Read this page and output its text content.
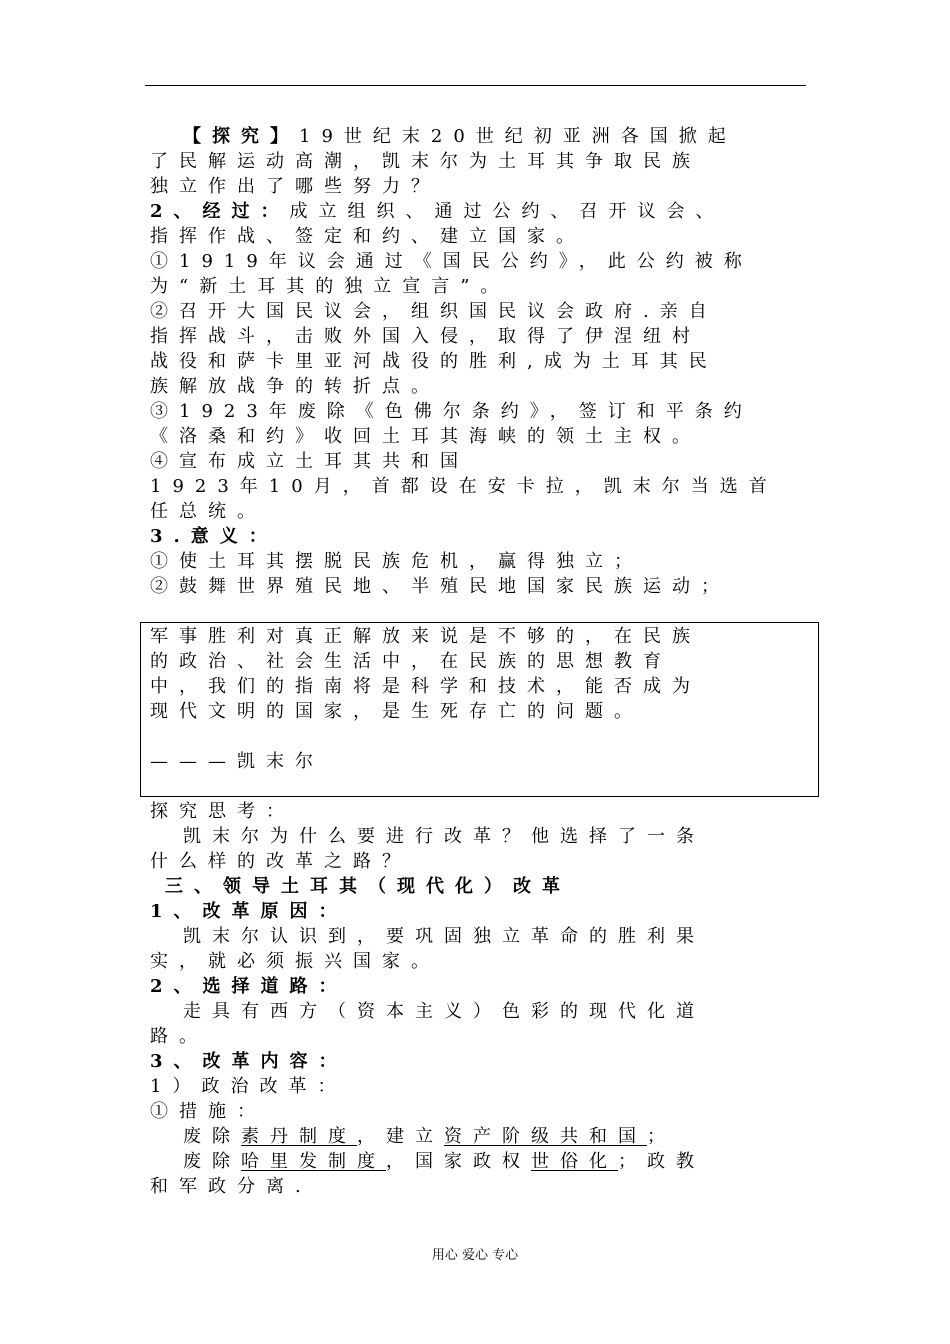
【探究】19世纪末20世纪初亚洲各国掀起
了民解运动高潮，凯末尔为土耳其争取民族
独立作出了哪些努力？
2、经过：成立组织、通过公约、召开议会、
指挥作战、签定和约、建立国家。
①1919年议会通过《国民公约》，此公约被称
为“新土耳其的独立宣言”。
②召开大国民议会，组织国民议会政府.亲自
指挥战斗，击败外国入侵，取得了伊涅纽村
战役和萨卡里亚河战役的胜利,成为土耳其民
族解放战争的转折点。
③1923年废除《色佛尔条约》，签订和平条约
《洛桑和约》收回土耳其海峡的领土主权。
④宣布成立土耳其共和国
1923年10月，首都设在安卡拉，凯末尔当选首
任总统。
3.意义：
①使土耳其摆脱民族危机，赢得独立；
②鼓舞世界殖民地、半殖民地国家民族运动；
军事胜利对真正解放来说是不够的，在民族
的政治、社会生活中，在民族的思想教育
中，我们的指南将是科学和技术，能否成为
现代文明的国家，是生死存亡的问题。
———凯末尔
探究思考：
凯末尔为什么要进行改革？他选择了一条
什么样的改革之路？
三、领导土耳其（现代化）改革
1、改革原因：
凯末尔认识到，要巩固独立革命的胜利果
实，就必须振兴国家。
2、选择道路：
走具有西方（资本主义）色彩的现代化道
路。
3、改革内容：
1）政治改革：
①措施：
废除素丹制度，建立资产阶级共和国；
废除哈里发制度，国家政权世俗化；政教
和军政分离.
用心 爱心 专心
